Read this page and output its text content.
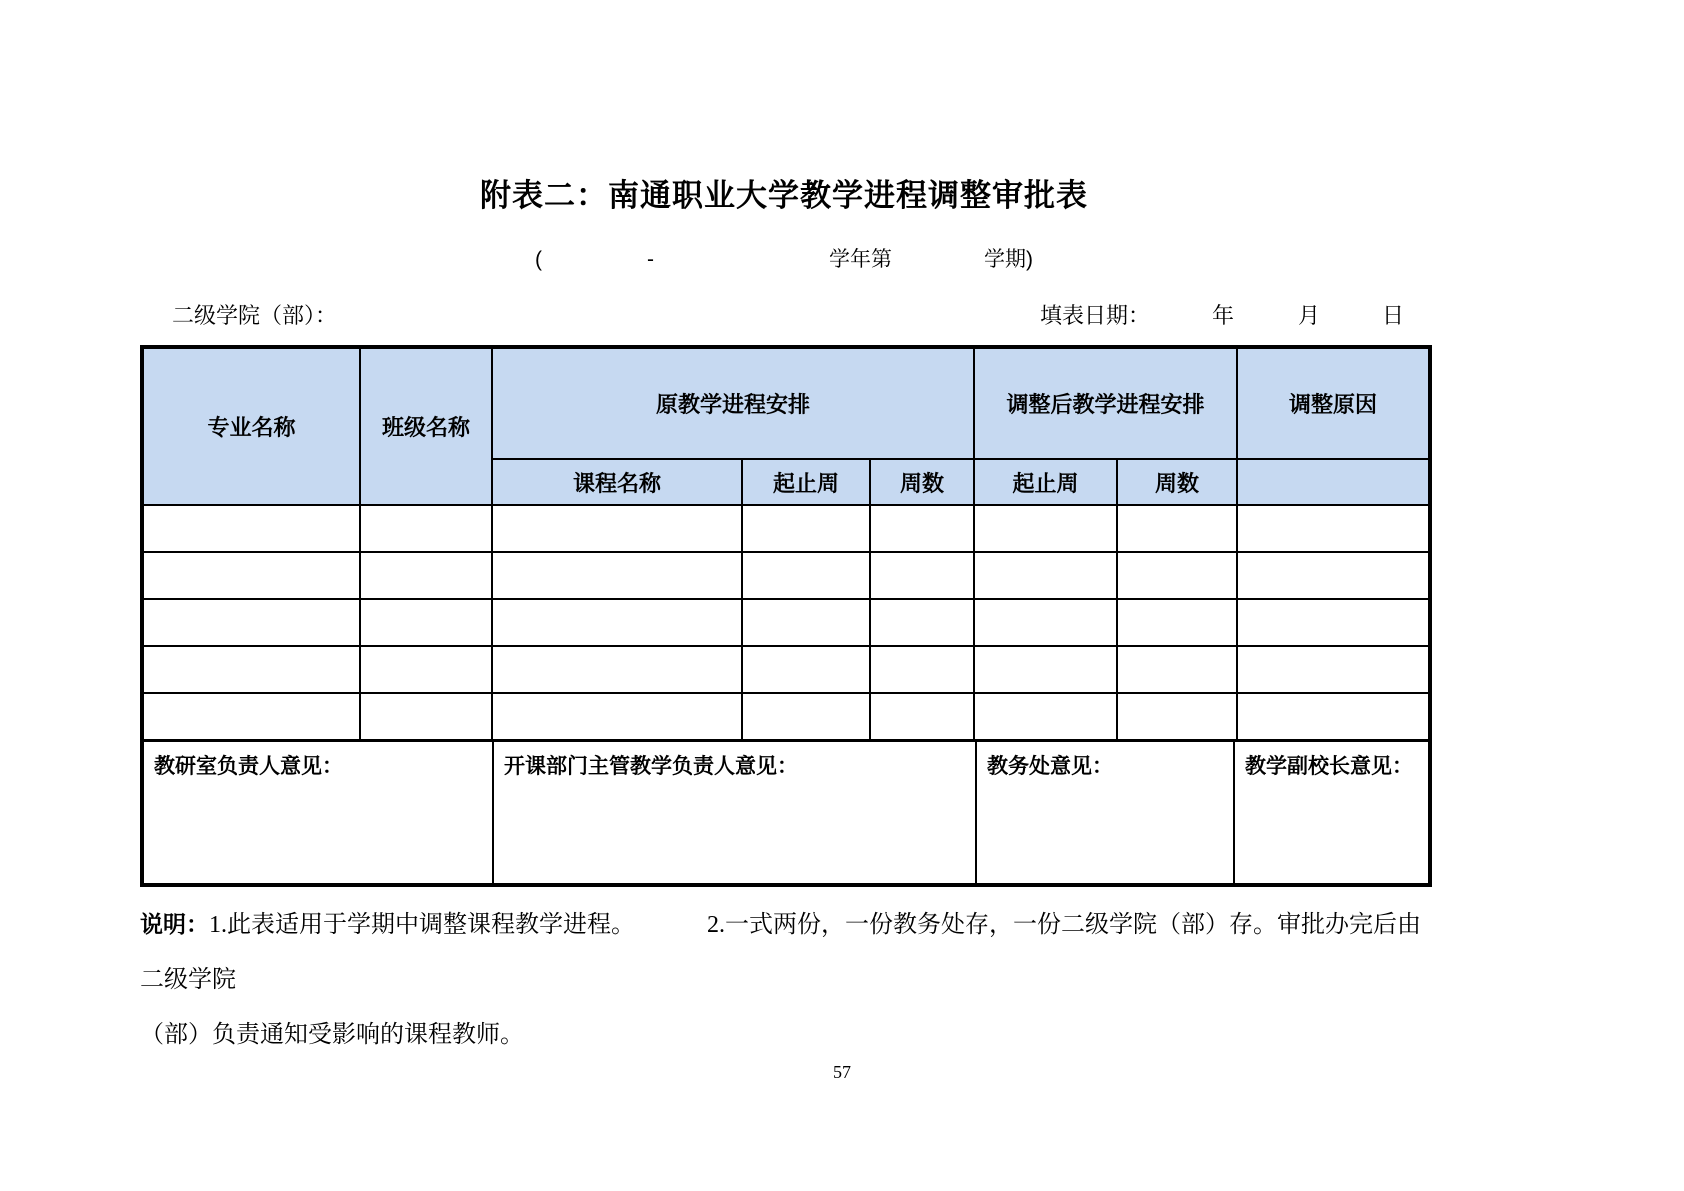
附表二：南通职业大学教学进程调整审批表
(	-	学年第	学期)
二级学院（部）：	填表日期：	年	月	日
专业名称	班级名称	原教学进程安排			调整后教学进程安排		调整原因
		课程名称	起止周	周数	起止周	周数	

教研室负责人意见： 开课部门主管教学负责人意见： 教务处意见： 教学副校长意见：							
说明：1.此表适用于学期中调整课程教学进程。	2.一式两份，一份教务处存，一份二级学院（部）存。审批办完后由二级学院
（部）负责通知受影响的课程教师。
57
